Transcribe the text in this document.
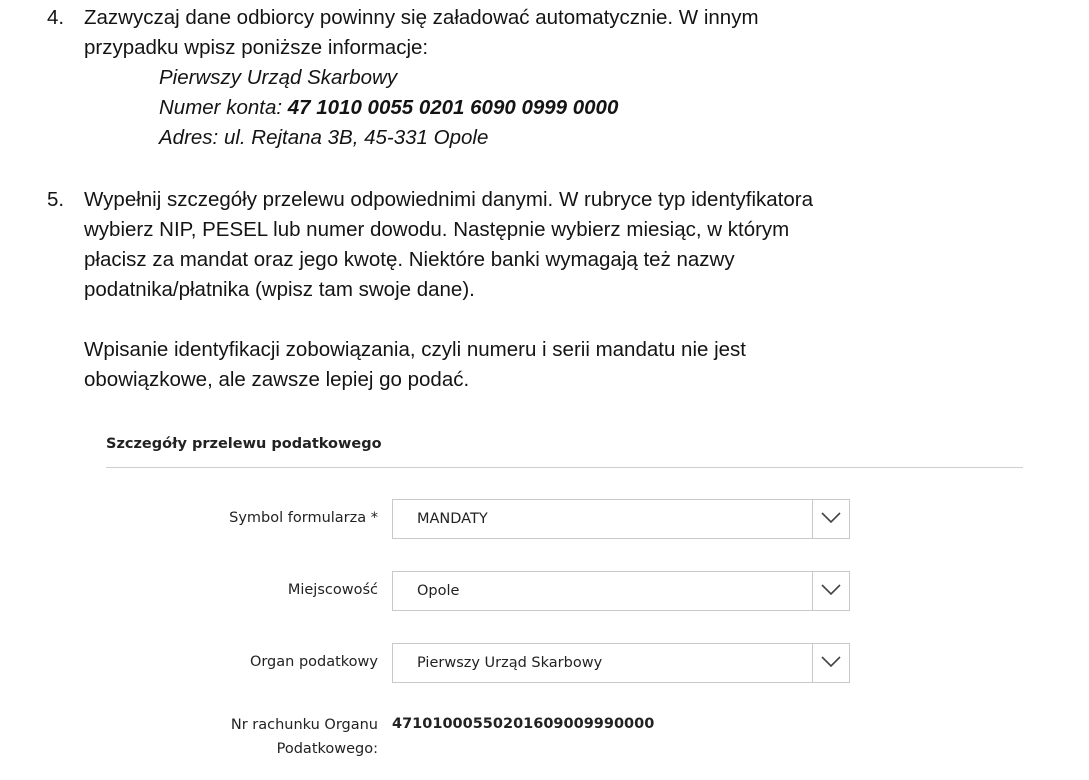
4. Zazwyczaj dane odbiorcy powinny się załadować automatycznie. W innym
przypadku wpisz poniższe informacje:
Pierwszy Urząd Skarbowy
Numer konta: 47 1010 0055 0201 6090 0999 0000
Adres: ul. Rejtana 3B, 45-331 Opole
5. Wypełnij szczegóły przelewu odpowiednimi danymi. W rubryce typ identyfikatora
wybierz NIP, PESEL lub numer dowodu. Następnie wybierz miesiąc, w którym
płacisz za mandat oraz jego kwotę. Niektóre banki wymagają też nazwy
podatnika/płatnika (wpisz tam swoje dane).
Wpisanie identyfikacji zobowiązania, czyli numeru i serii mandatu nie jest
obowiązkowe, ale zawsze lepiej go podać.
Szczegóły przelewu podatkowego
Symbol formularza *	MANDATY
Miejscowość	Opole
Organ podatkowy	Pierwszy Urząd Skarbowy
Nr rachunku Organu
Podatkowego:
47101000550201609009990000
